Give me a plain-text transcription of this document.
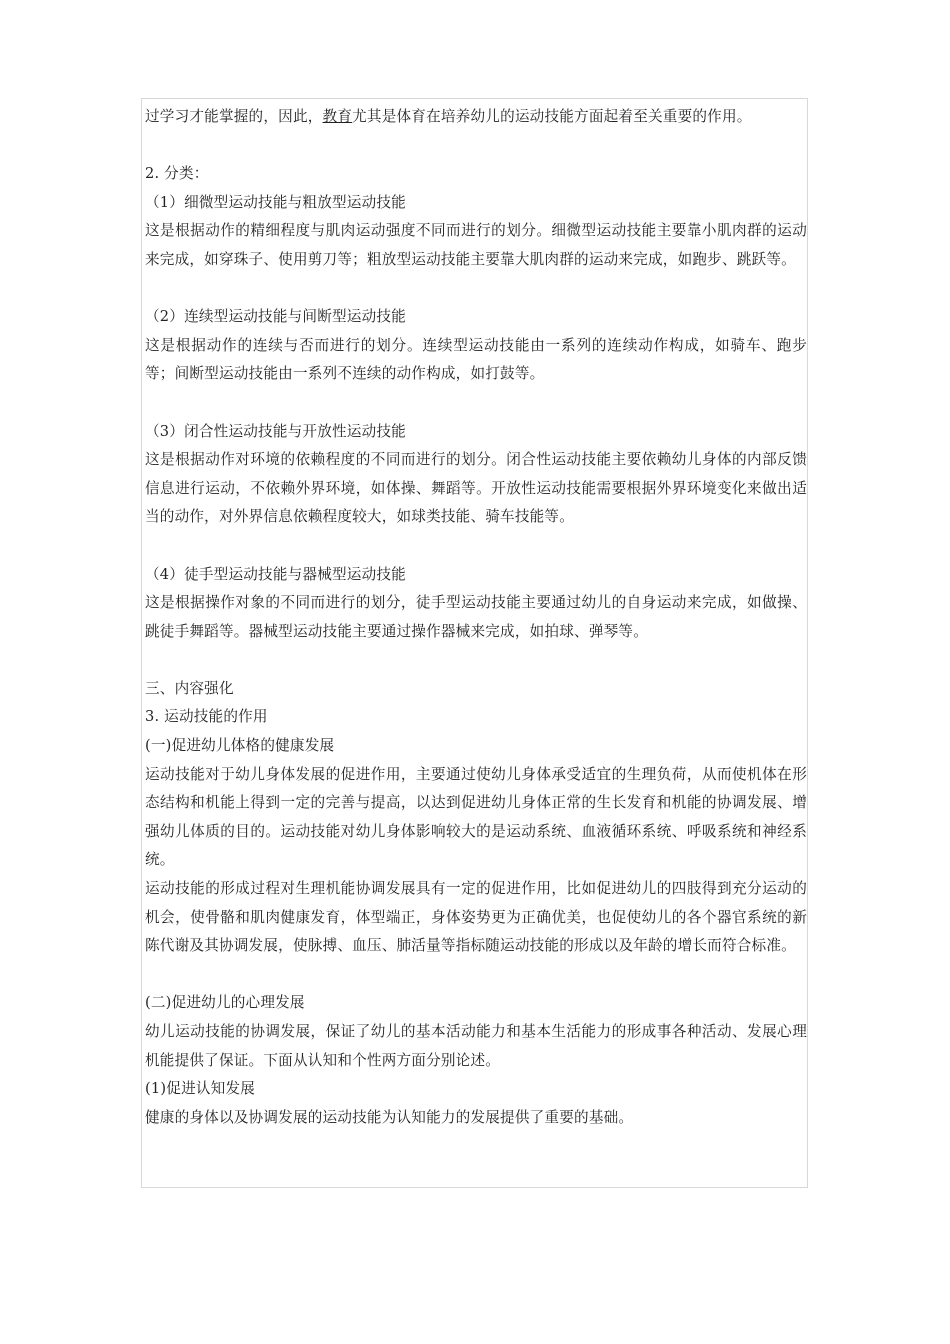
过学习才能掌握的，因此，教育尤其是体育在培养幼儿的运动技能方面起着至关重要的作用。

2. 分类：

（1）细微型运动技能与粗放型运动技能

这是根据动作的精细程度与肌肉运动强度不同而进行的划分。细微型运动技能主要靠小肌肉群的运动来完成，如穿珠子、使用剪刀等；粗放型运动技能主要靠大肌肉群的运动来完成，如跑步、跳跃等。

（2）连续型运动技能与间断型运动技能

这是根据动作的连续与否而进行的划分。连续型运动技能由一系列的连续动作构成，如骑车、跑步等；间断型运动技能由一系列不连续的动作构成，如打鼓等。

（3）闭合性运动技能与开放性运动技能

这是根据动作对环境的依赖程度的不同而进行的划分。闭合性运动技能主要依赖幼儿身体的内部反馈信息进行运动，不依赖外界环境，如体操、舞蹈等。开放性运动技能需要根据外界环境变化来做出适当的动作，对外界信息依赖程度较大，如球类技能、骑车技能等。

（4）徒手型运动技能与器械型运动技能

这是根据操作对象的不同而进行的划分，徒手型运动技能主要通过幼儿的自身运动来完成，如做操、跳徒手舞蹈等。器械型运动技能主要通过操作器械来完成，如拍球、弹琴等。

三、内容强化

3. 运动技能的作用

(一)促进幼儿体格的健康发展

运动技能对于幼儿身体发展的促进作用，主要通过使幼儿身体承受适宜的生理负荷，从而使机体在形态结构和机能上得到一定的完善与提高，以达到促进幼儿身体正常的生长发育和机能的协调发展、增强幼儿体质的目的。运动技能对幼儿身体影响较大的是运动系统、血液循环系统、呼吸系统和神经系统。

运动技能的形成过程对生理机能协调发展具有一定的促进作用，比如促进幼儿的四肢得到充分运动的机会，使骨骼和肌肉健康发育，体型端正，身体姿势更为正确优美，也促使幼儿的各个器官系统的新陈代谢及其协调发展，使脉搏、血压、肺活量等指标随运动技能的形成以及年龄的增长而符合标准。

(二)促进幼儿的心理发展

幼儿运动技能的协调发展，保证了幼儿的基本活动能力和基本生活能力的形成事各种活动、发展心理机能提供了保证。下面从认知和个性两方面分别论述。

(1)促进认知发展

健康的身体以及协调发展的运动技能为认知能力的发展提供了重要的基础。
